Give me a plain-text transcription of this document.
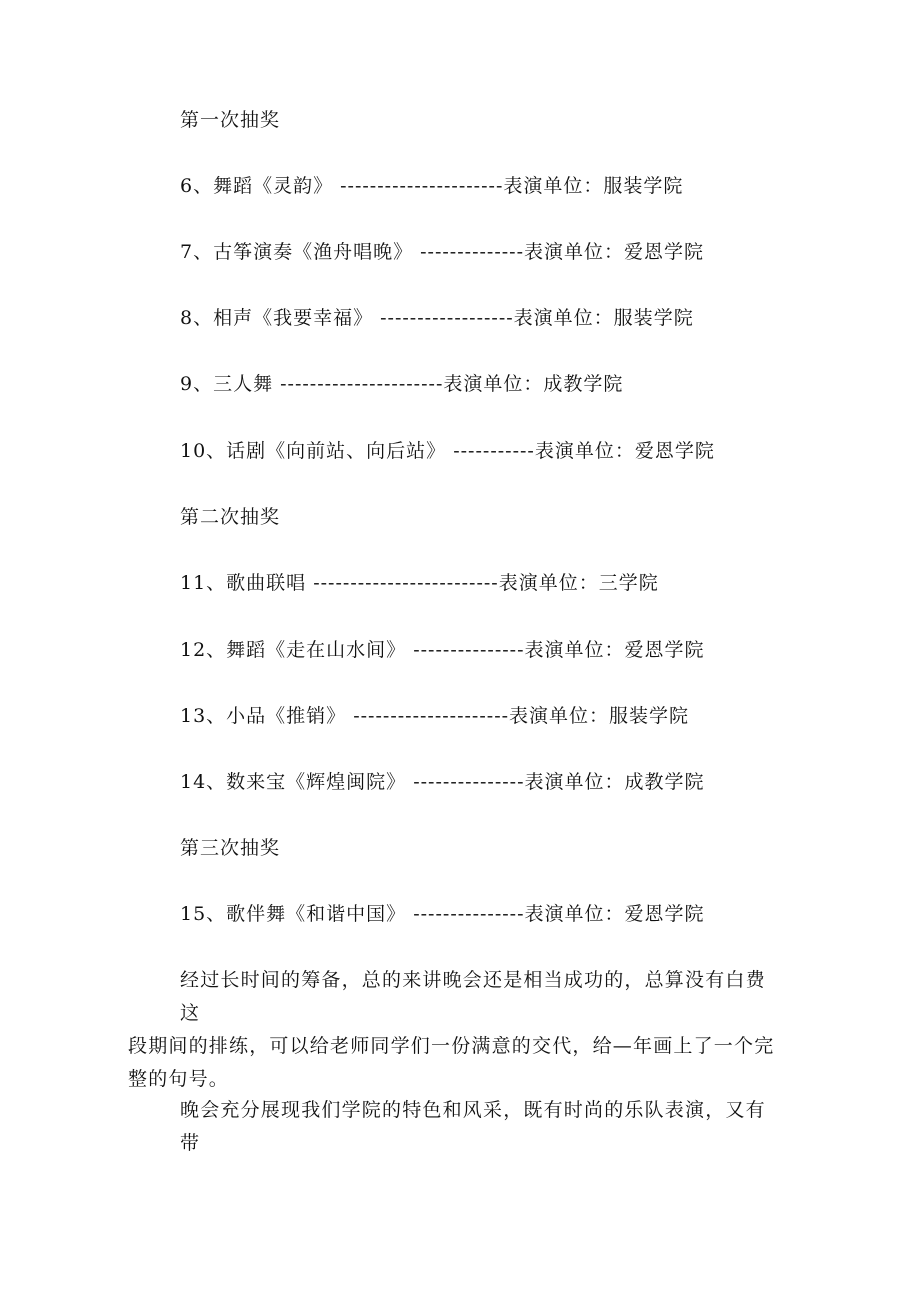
第一次抽奖
6、舞蹈《灵韵》 ----------------------表演单位：服装学院
7、古筝演奏《渔舟唱晚》 --------------表演单位：爱恩学院
8、相声《我要幸福》 ------------------表演单位：服装学院
9、三人舞 ----------------------表演单位：成教学院
10、话剧《向前站、向后站》 -----------表演单位：爱恩学院
第二次抽奖
11、歌曲联唱 -------------------------表演单位：三学院
12、舞蹈《走在山水间》 ---------------表演单位：爱恩学院
13、小品《推销》 ---------------------表演单位：服装学院
14、数来宝《辉煌闽院》 ---------------表演单位：成教学院
第三次抽奖
15、歌伴舞《和谐中国》 ---------------表演单位：爱恩学院
经过长时间的筹备，总的来讲晚会还是相当成功的，总算没有白费这
段期间的排练，可以给老师同学们一份满意的交代，给—年画上了一个完
整的句号。
晚会充分展现我们学院的特色和风采，既有时尚的乐队表演，又有带
